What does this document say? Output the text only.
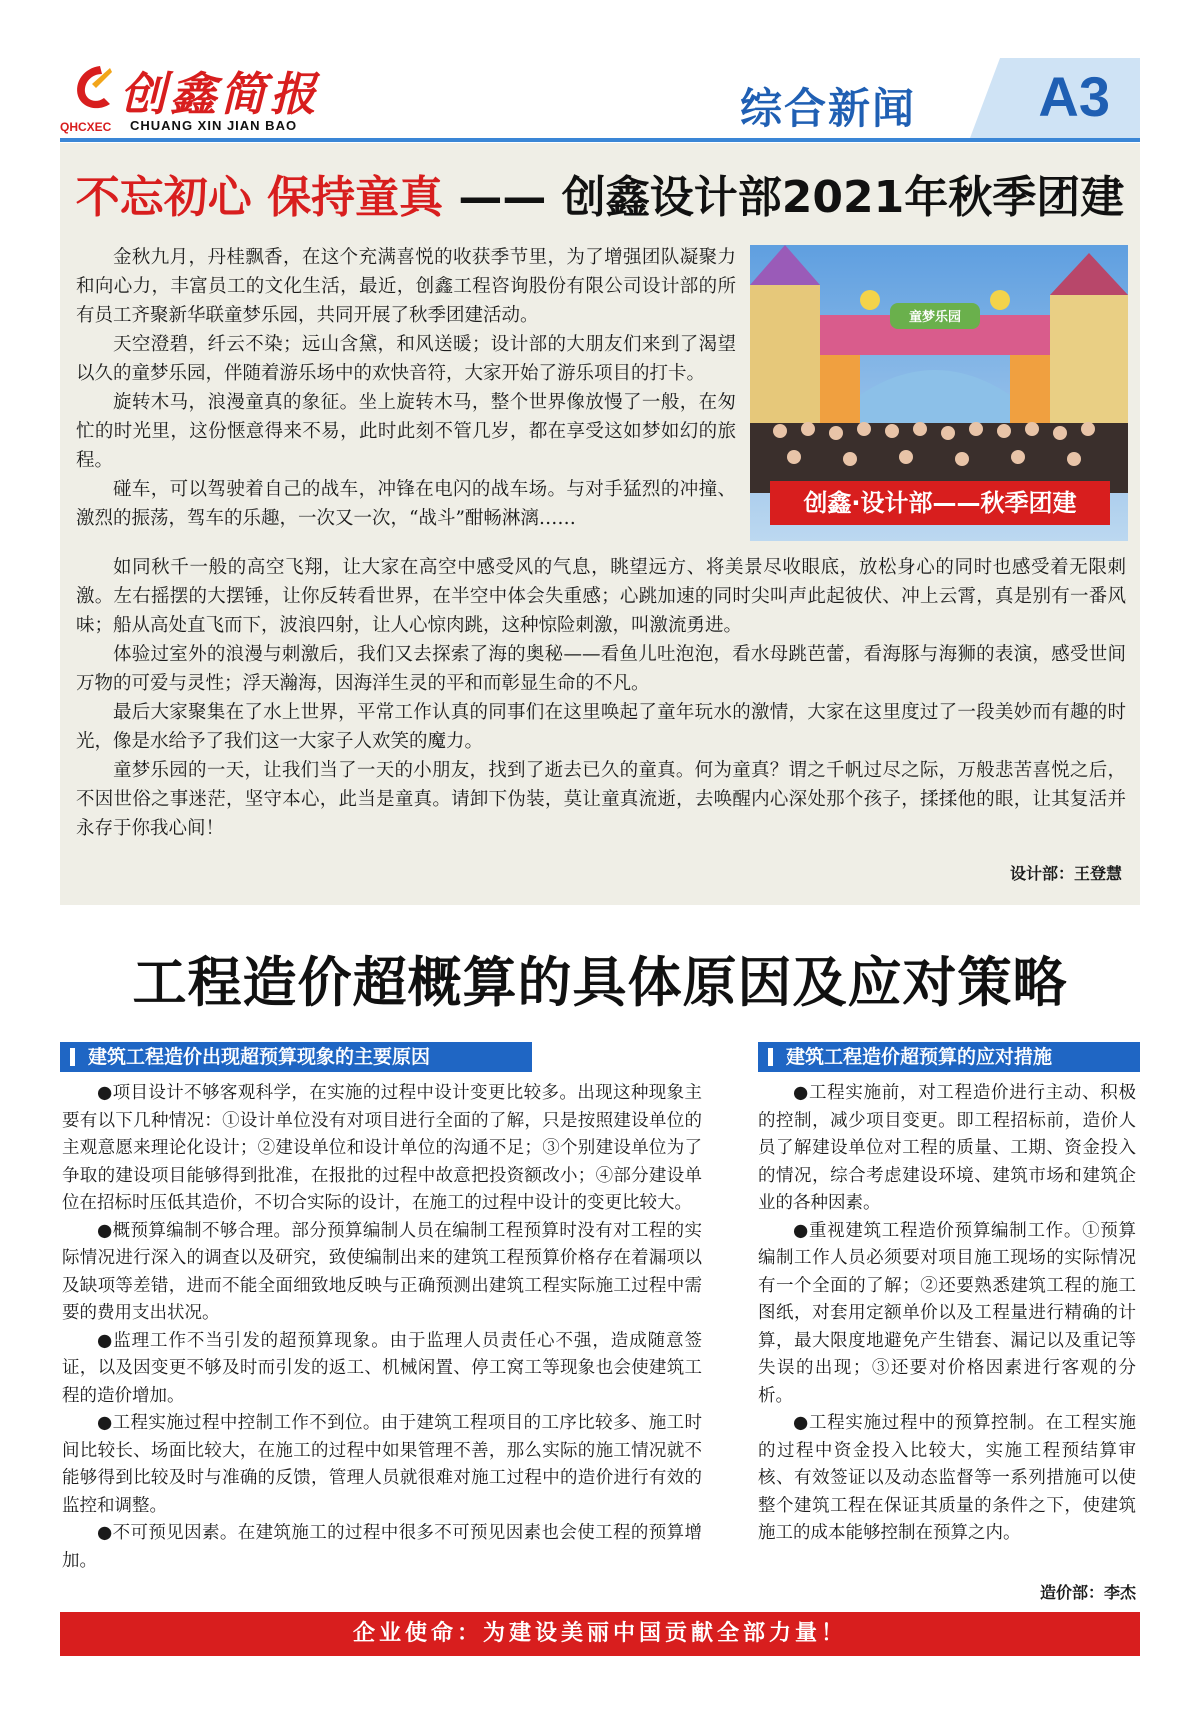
创鑫简报
QHCXEC CHUANG XIN JIAN BAO	综合新闻 A3
不忘初心 保持童真 —— 创鑫设计部2021年秋季团建

金秋九月，丹桂飘香，在这个充满喜悦的收获季节里，为了增强团队凝聚力和向心力，丰富员工的文化生活，最近，创鑫工程咨询股份有限公司设计部的所有员工齐聚新华联童梦乐园，共同开展了秋季团建活动。

天空澄碧，纤云不染；远山含黛，和风送暖；设计部的大朋友们来到了渴望以久的童梦乐园，伴随着游乐场中的欢快音符，大家开始了游乐项目的打卡。

旋转木马，浪漫童真的象征。坐上旋转木马，整个世界像放慢了一般，在匆忙的时光里，这份惬意得来不易，此时此刻不管几岁，都在享受这如梦如幻的旅程。

碰车，可以驾驶着自己的战车，冲锋在电闪的战车场。与对手猛烈的冲撞、激烈的振荡，驾车的乐趣，一次又一次，“战斗”酣畅淋漓……

童梦乐园
创鑫·设计部——秋季团建

如同秋千一般的高空飞翔，让大家在高空中感受风的气息，眺望远方、将美景尽收眼底，放松身心的同时也感受着无限刺激。左右摇摆的大摆锤，让你反转看世界，在半空中体会失重感；心跳加速的同时尖叫声此起彼伏、冲上云霄，真是别有一番风味；船从高处直飞而下，波浪四射，让人心惊肉跳，这种惊险刺激，叫激流勇进。

体验过室外的浪漫与刺激后，我们又去探索了海的奥秘——看鱼儿吐泡泡，看水母跳芭蕾，看海豚与海狮的表演，感受世间万物的可爱与灵性；浮天瀚海，因海洋生灵的平和而彰显生命的不凡。

最后大家聚集在了水上世界，平常工作认真的同事们在这里唤起了童年玩水的激情，大家在这里度过了一段美妙而有趣的时光，像是水给予了我们这一大家子人欢笑的魔力。

童梦乐园的一天，让我们当了一天的小朋友，找到了逝去已久的童真。何为童真？谓之千帆过尽之际，万般悲苦喜悦之后，不因世俗之事迷茫，坚守本心，此当是童真。请卸下伪装，莫让童真流逝，去唤醒内心深处那个孩子，揉揉他的眼，让其复活并永存于你我心间！

设计部：王登慧
工程造价超概算的具体原因及应对策略
建筑工程造价出现超预算现象的主要原因	建筑工程造价超预算的应对措施

●项目设计不够客观科学，在实施的过程中设计变更比较多。出现这种现象主要有以下几种情况：①设计单位没有对项目进行全面的了解，只是按照建设单位的主观意愿来理论化设计；②建设单位和设计单位的沟通不足；③个别建设单位为了争取的建设项目能够得到批准，在报批的过程中故意把投资额改小；④部分建设单位在招标时压低其造价，不切合实际的设计，在施工的过程中设计的变更比较大。

●概预算编制不够合理。部分预算编制人员在编制工程预算时没有对工程的实际情况进行深入的调查以及研究，致使编制出来的建筑工程预算价格存在着漏项以及缺项等差错，进而不能全面细致地反映与正确预测出建筑工程实际施工过程中需要的费用支出状况。

●监理工作不当引发的超预算现象。由于监理人员责任心不强，造成随意签证，以及因变更不够及时而引发的返工、机械闲置、停工窝工等现象也会使建筑工程的造价增加。

●工程实施过程中控制工作不到位。由于建筑工程项目的工序比较多、施工时间比较长、场面比较大，在施工的过程中如果管理不善，那么实际的施工情况就不能够得到比较及时与准确的反馈，管理人员就很难对施工过程中的造价进行有效的监控和调整。

●不可预见因素。在建筑施工的过程中很多不可预见因素也会使工程的预算增加。

●工程实施前，对工程造价进行主动、积极的控制，减少项目变更。即工程招标前，造价人员了解建设单位对工程的质量、工期、资金投入的情况，综合考虑建设环境、建筑市场和建筑企业的各种因素。

●重视建筑工程造价预算编制工作。①预算编制工作人员必须要对项目施工现场的实际情况有一个全面的了解；②还要熟悉建筑工程的施工图纸，对套用定额单价以及工程量进行精确的计算，最大限度地避免产生错套、漏记以及重记等失误的出现；③还要对价格因素进行客观的分析。

●工程实施过程中的预算控制。在工程实施的过程中资金投入比较大，实施工程预结算审核、有效签证以及动态监督等一系列措施可以使整个建筑工程在保证其质量的条件之下，使建筑施工的成本能够控制在预算之内。

造价部：李杰
企业使命：为建设美丽中国贡献全部力量！
